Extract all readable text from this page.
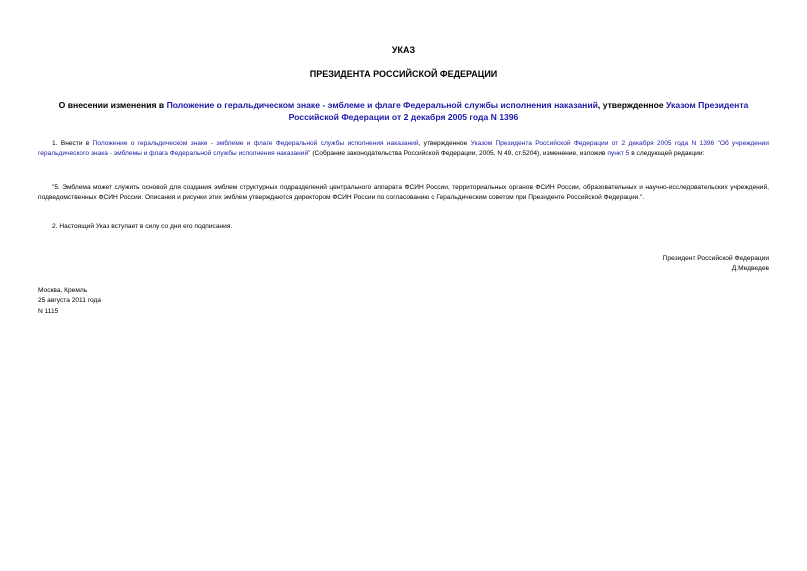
УКАЗ
ПРЕЗИДЕНТА РОССИЙСКОЙ ФЕДЕРАЦИИ
О внесении изменения в Положение о геральдическом знаке - эмблеме и флаге Федеральной службы исполнения наказаний, утвержденное Указом Президента Российской Федерации от 2 декабря 2005 года N 1396
1. Внести в Положение о геральдическом знаке - эмблеме и флаге Федеральной службы исполнения наказаний, утвержденное Указом Президента Российской Федерации от 2 декабря 2005 года N 1396 "Об учреждении геральдического знака - эмблемы и флага Федеральной службы исполнения наказаний" (Собрание законодательства Российской Федерации, 2005, N 49, ст.5204), изменение, изложив пункт 5 в следующей редакции:
"5. Эмблема может служить основой для создания эмблем структурных подразделений центрального аппарата ФСИН России, территориальных органов ФСИН России, образовательных и научно-исследовательских учреждений, подведомственных ФСИН России. Описания и рисунки этих эмблем утверждаются директором ФСИН России по согласованию с Геральдическим советом при Президенте Российской Федерации.".
2. Настоящий Указ вступает в силу со дня его подписания.
Президент Российской Федерации
Д.Медведев
Москва, Кремль
25 августа 2011 года
N 1115
